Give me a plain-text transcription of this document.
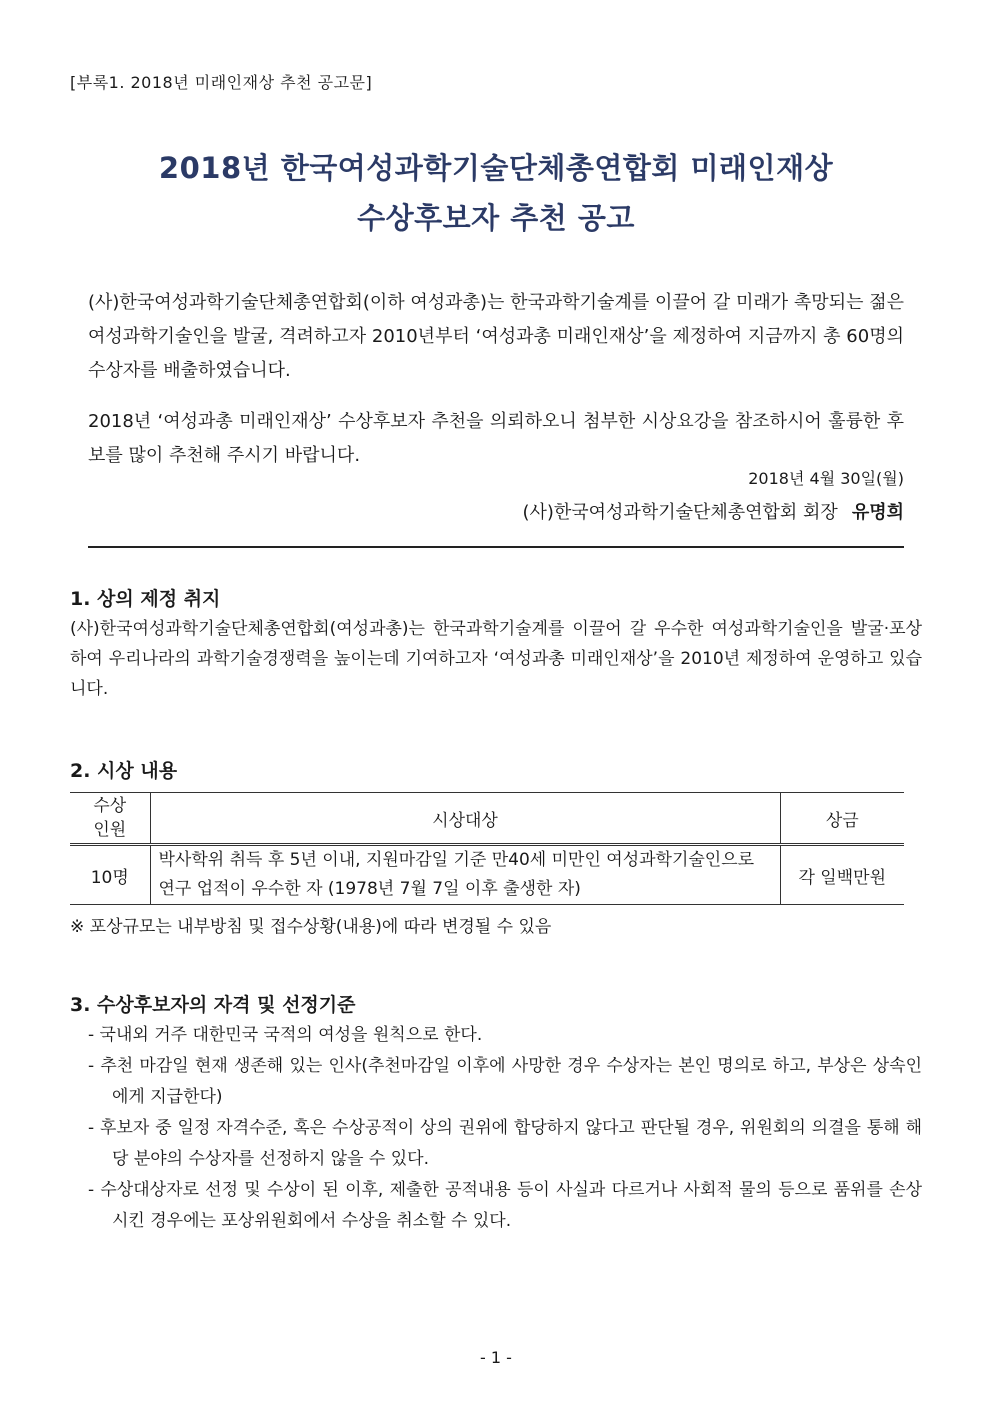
[부록1. 2018년 미래인재상 추천 공고문]
2018년 한국여성과학기술단체총연합회 미래인재상
수상후보자 추천 공고
(사)한국여성과학기술단체총연합회(이하 여성과총)는 한국과학기술계를 이끌어 갈 미래가 촉망되는 젊은 여성과학기술인을 발굴, 격려하고자 2010년부터 ‘여성과총 미래인재상’을 제정하여 지금까지 총 60명의 수상자를 배출하였습니다.
2018년 ‘여성과총 미래인재상’ 수상후보자 추천을 의뢰하오니 첨부한 시상요강을 참조하시어 훌륭한 후보를 많이 추천해 주시기 바랍니다.
2018년 4월 30일(월)
(사)한국여성과학기술단체총연합회 회장 유명희
1. 상의 제정 취지
(사)한국여성과학기술단체총연합회(여성과총)는 한국과학기술계를 이끌어 갈 우수한 여성과학기술인을 발굴·포상하여 우리나라의 과학기술경쟁력을 높이는데 기여하고자 ‘여성과총 미래인재상’을 2010년 제정하여 운영하고 있습니다.
2. 시상 내용
수상 인원	시상대상	상금
10명	박사학위 취득 후 5년 이내, 지원마감일 기준 만40세 미만인 여성과학기술인으로 연구 업적이 우수한 자 (1978년 7월 7일 이후 출생한 자)	각 일백만원
※ 포상규모는 내부방침 및 접수상황(내용)에 따라 변경될 수 있음
3. 수상후보자의 자격 및 선정기준
- 국내외 거주 대한민국 국적의 여성을 원칙으로 한다.
- 추천 마감일 현재 생존해 있는 인사(추천마감일 이후에 사망한 경우 수상자는 본인 명의로 하고, 부상은 상속인에게 지급한다)
- 후보자 중 일정 자격수준, 혹은 수상공적이 상의 권위에 합당하지 않다고 판단될 경우, 위원회의 의결을 통해 해당 분야의 수상자를 선정하지 않을 수 있다.
- 수상대상자로 선정 및 수상이 된 이후, 제출한 공적내용 등이 사실과 다르거나 사회적 물의 등으로 품위를 손상시킨 경우에는 포상위원회에서 수상을 취소할 수 있다.
- 1 -
